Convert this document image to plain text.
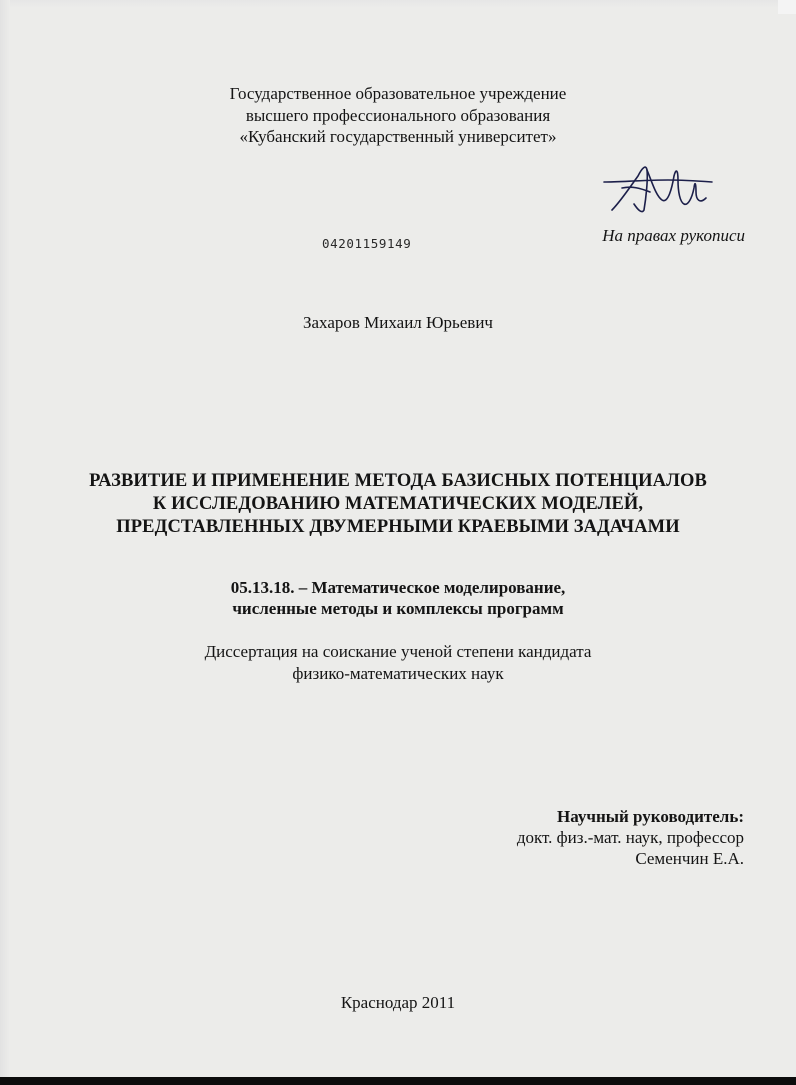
Государственное образовательное учреждение
высшего профессионального образования
«Кубанский государственный университет»
На правах рукописи
04201159149
Захаров Михаил Юрьевич
РАЗВИТИЕ И ПРИМЕНЕНИЕ МЕТОДА БАЗИСНЫХ ПОТЕНЦИАЛОВ
К ИССЛЕДОВАНИЮ МАТЕМАТИЧЕСКИХ МОДЕЛЕЙ,
ПРЕДСТАВЛЕННЫХ ДВУМЕРНЫМИ КРАЕВЫМИ ЗАДАЧАМИ
05.13.18. – Математическое моделирование,
численные методы и комплексы программ
Диссертация на соискание ученой степени кандидата
физико-математических наук
Научный руководитель:
докт. физ.-мат. наук, профессор
Семенчин Е.А.
Краснодар 2011
